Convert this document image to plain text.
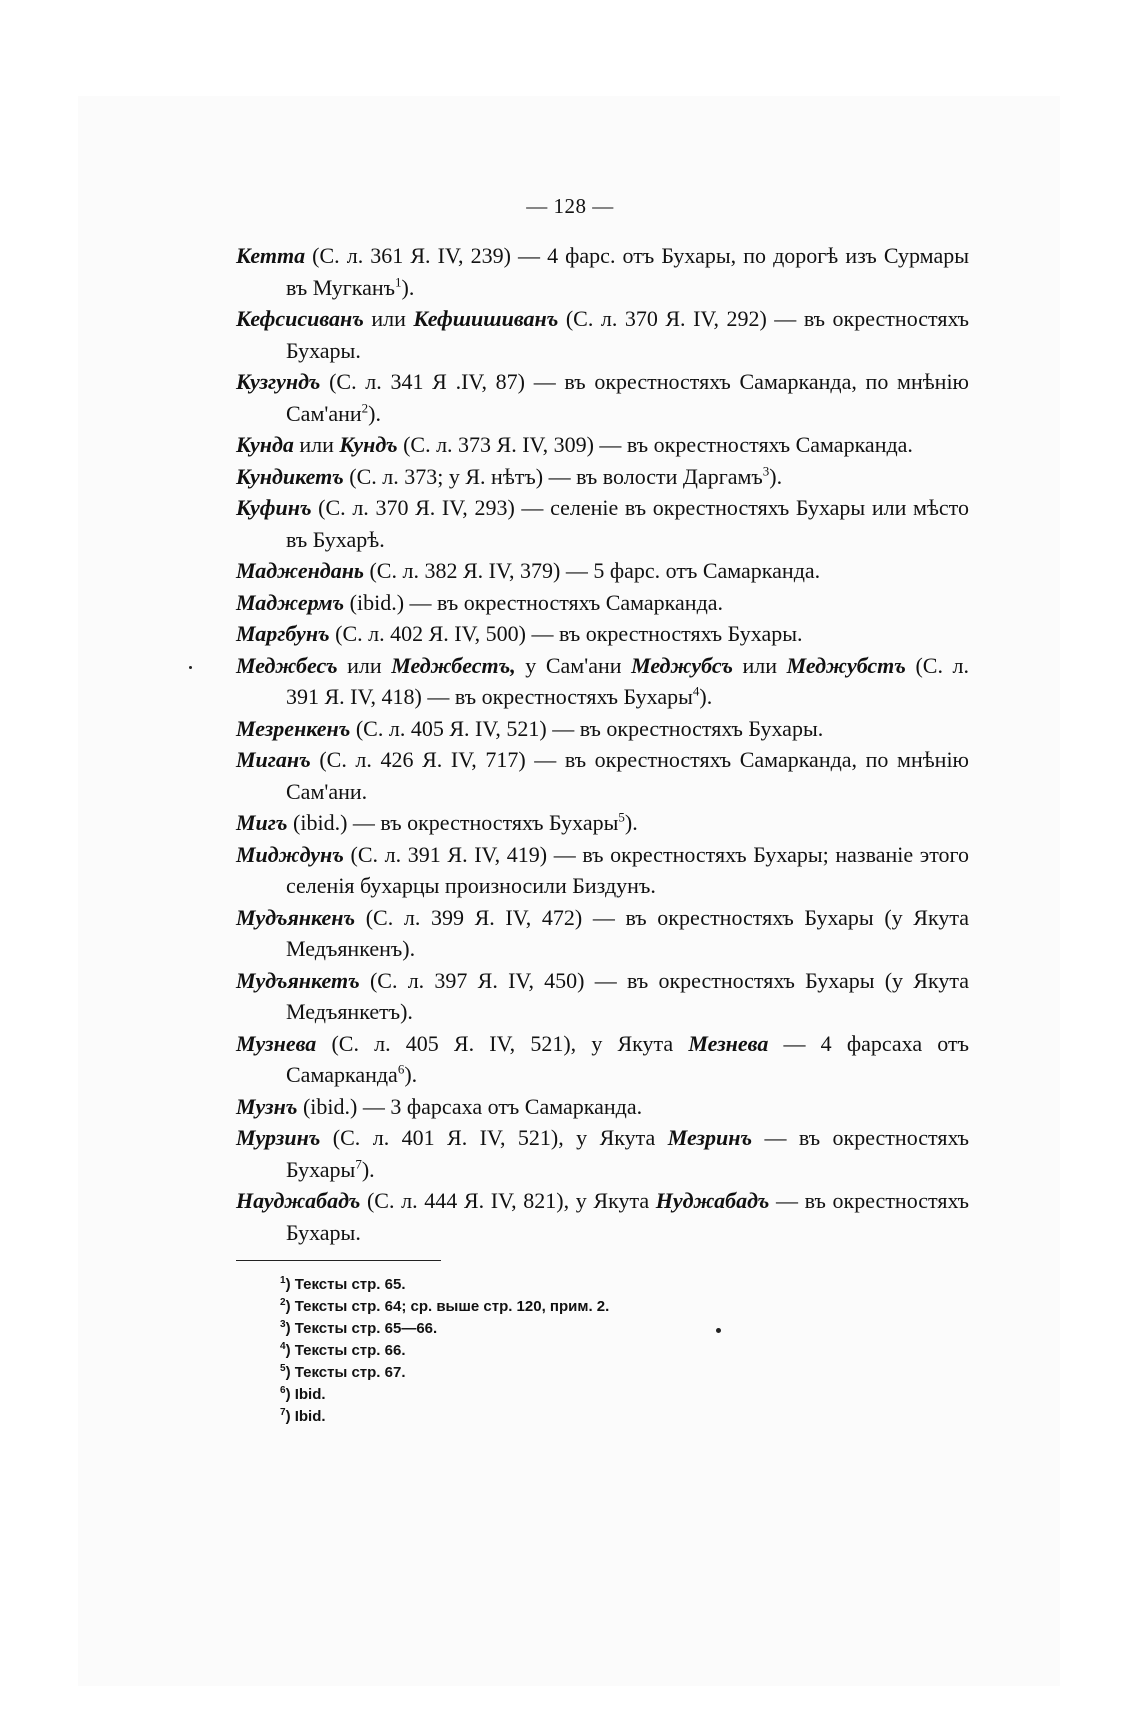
— 128 —

Кетта (С. л. 361 Я. IV, 239) — 4 фарс. отъ Бухары, по дорогѣ изъ Сурмары въ Мугканъ$^1$).

Кефсисиванъ или Кефшишиванъ (С. л. 370 Я. IV, 292) — въ окрестностяхъ Бухары.

Кузгундъ (С. л. 341 Я .IV, 87) — въ окрестностяхъ Самарканда, по мнѣнію Сам'ани$^2$).

Кунда или Кундъ (С. л. 373 Я. IV, 309) — въ окрестностяхъ Самарканда.

Кундикетъ (С. л. 373; у Я. нѣтъ) — въ волости Даргамъ$^3$).

Куфинъ (С. л. 370 Я. IV, 293) — селеніе въ окрестностяхъ Бухары или мѣсто въ Бухарѣ.

Маджендань (С. л. 382 Я. IV, 379) — 5 фарс. отъ Самарканда.

Маджермъ (ibid.) — въ окрестностяхъ Самарканда.

Маргбунъ (С. л. 402 Я. IV, 500) — въ окрестностяхъ Бухары.

Меджбесъ или Меджбестъ, у Сам'ани Меджубсъ или Меджубстъ (С. л. 391 Я. IV, 418) — въ окрестностяхъ Бухары$^4$).

Мезренкенъ (С. л. 405 Я. IV, 521) — въ окрестностяхъ Бухары.

Миганъ (С. л. 426 Я. IV, 717) — въ окрестностяхъ Самарканда, по мнѣнію Сам'ани.

Мигъ (ibid.) — въ окрестностяхъ Бухары$^5$).

Мидждунъ (С. л. 391 Я. IV, 419) — въ окрестностяхъ Бухары; названіе этого селенія бухарцы произносили Биздунъ.

Мудъянкенъ (С. л. 399 Я. IV, 472) — въ окрестностяхъ Бухары (у Якута Медъянкенъ).

Мудъянкетъ (С. л. 397 Я. IV, 450) — въ окрестностяхъ Бухары (у Якута Медъянкетъ).

Музнева (С. л. 405 Я. IV, 521), у Якута Мезнева — 4 фарсаха отъ Самарканда$^6$).

Музнъ (ibid.) — 3 фарсаха отъ Самарканда.

Мурзинъ (С. л. 401 Я. IV, 521), у Якута Мезринъ — въ окрестностяхъ Бухары$^7$).

Науджабадъ (С. л. 444 Я. IV, 821), у Якута Нуджабадъ — въ окрестностяхъ Бухары.

$^1$) Тексты стр. 65.
$^2$) Тексты стр. 64; ср. выше стр. 120, прим. 2.
$^3$) Тексты стр. 65—66.
$^4$) Тексты стр. 66.
$^5$) Тексты стр. 67.
$^6$) Ibid.
$^7$) Ibid.
